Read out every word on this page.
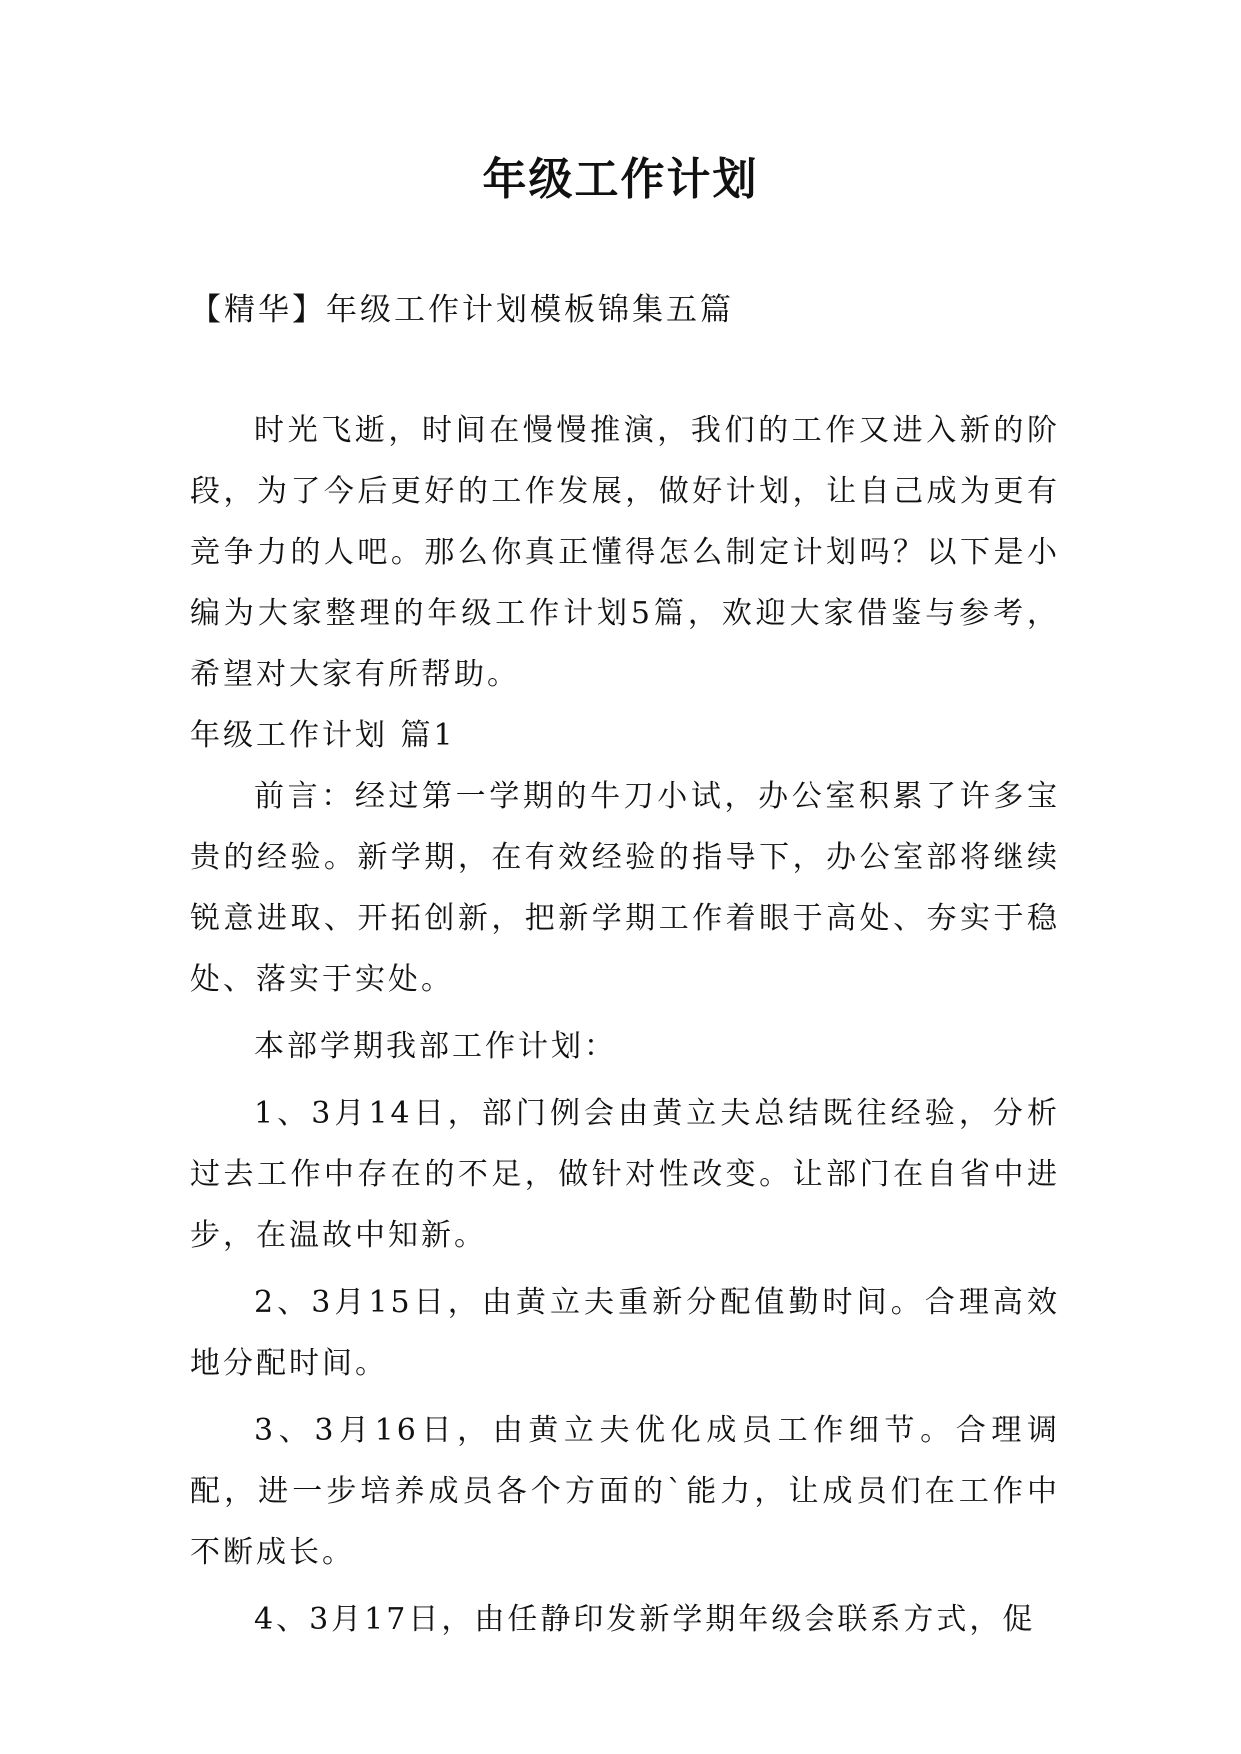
年级工作计划

【精华】年级工作计划模板锦集五篇

时光飞逝，时间在慢慢推演，我们的工作又进入新的阶段，为了今后更好的工作发展，做好计划，让自己成为更有竞争力的人吧。那么你真正懂得怎么制定计划吗？以下是小编为大家整理的年级工作计划5篇，欢迎大家借鉴与参考，希望对大家有所帮助。

年级工作计划 篇1

前言：经过第一学期的牛刀小试，办公室积累了许多宝贵的经验。新学期，在有效经验的指导下，办公室部将继续锐意进取、开拓创新，把新学期工作着眼于高处、夯实于稳处、落实于实处。

本部学期我部工作计划：

1、3月14日，部门例会由黄立夫总结既往经验，分析过去工作中存在的不足，做针对性改变。让部门在自省中进步，在温故中知新。

2、3月15日，由黄立夫重新分配值勤时间。合理高效地分配时间。

3、3月16日，由黄立夫优化成员工作细节。合理调配，进一步培养成员各个方面的`能力，让成员们在工作中不断成长。

4、3月17日，由任静印发新学期年级会联系方式，促
